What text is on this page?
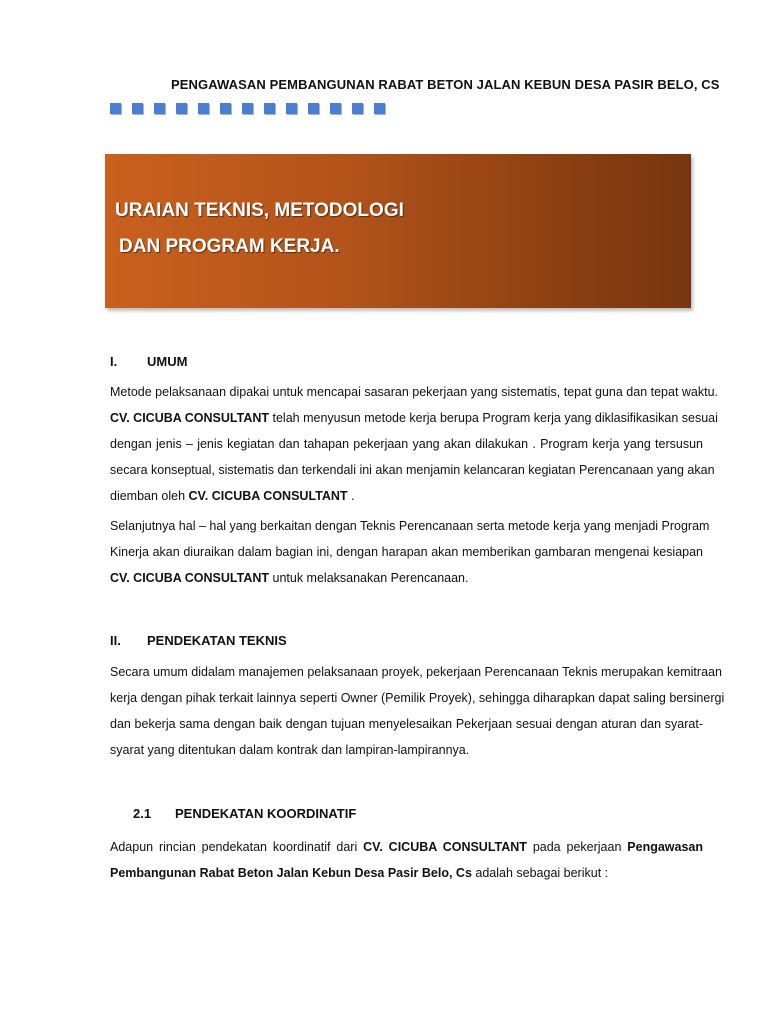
PENGAWASAN PEMBANGUNAN RABAT BETON JALAN KEBUN DESA PASIR BELO, CS
URAIAN TEKNIS, METODOLOGI
DAN PROGRAM KERJA.
I. UMUM
Metode pelaksanaan dipakai untuk mencapai sasaran pekerjaan yang sistematis, tepat guna dan tepat waktu.
CV. CICUBA CONSULTANT telah menyusun metode kerja berupa Program kerja yang diklasifikasikan sesuai
dengan jenis – jenis kegiatan dan tahapan pekerjaan yang akan dilakukan . Program kerja yang tersusun
secara konseptual, sistematis dan terkendali ini akan menjamin kelancaran kegiatan Perencanaan yang akan
diemban oleh CV. CICUBA CONSULTANT .
Selanjutnya hal – hal yang berkaitan dengan Teknis Perencanaan serta metode kerja yang menjadi Program
Kinerja akan diuraikan dalam bagian ini, dengan harapan akan memberikan gambaran mengenai kesiapan
CV. CICUBA CONSULTANT untuk melaksanakan Perencanaan.
II. PENDEKATAN TEKNIS
Secara umum didalam manajemen pelaksanaan proyek, pekerjaan Perencanaan Teknis merupakan kemitraan
kerja dengan pihak terkait lainnya seperti Owner (Pemilik Proyek), sehingga diharapkan dapat saling bersinergi
dan bekerja sama dengan baik dengan tujuan menyelesaikan Pekerjaan sesuai dengan aturan dan syarat-
syarat yang ditentukan dalam kontrak dan lampiran-lampirannya.
2.1 PENDEKATAN KOORDINATIF
Adapun rincian pendekatan koordinatif dari CV. CICUBA CONSULTANT pada pekerjaan Pengawasan
Pembangunan Rabat Beton Jalan Kebun Desa Pasir Belo, Cs adalah sebagai berikut :
